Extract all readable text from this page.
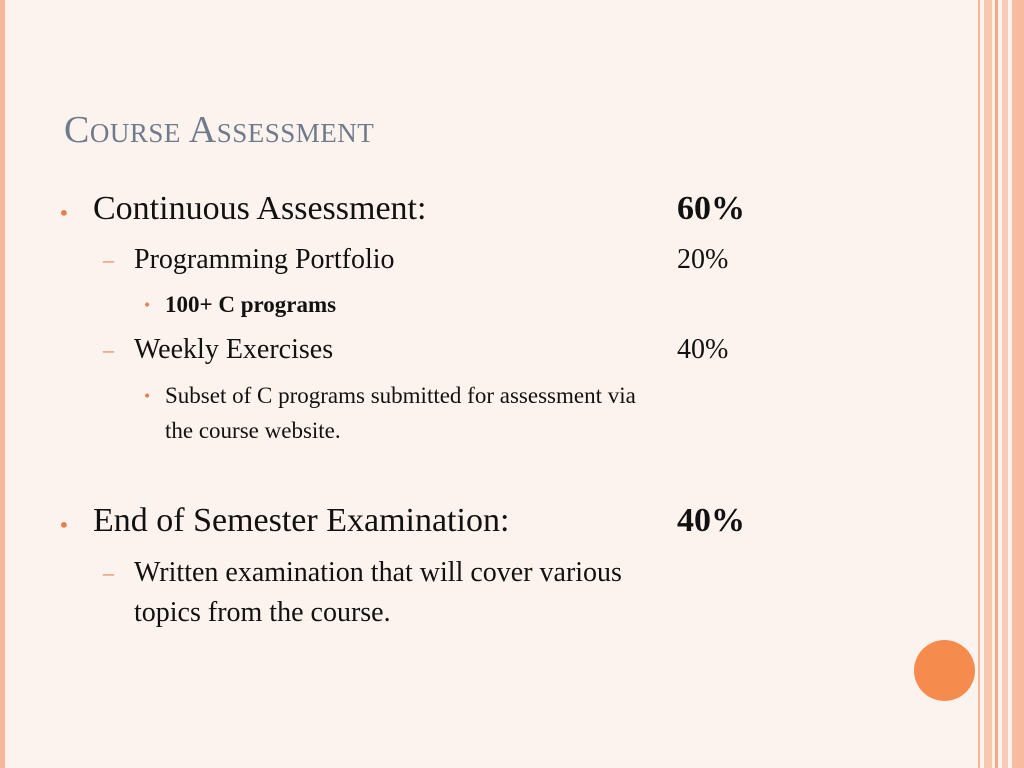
Course Assessment
• Continuous Assessment:	60%
– Programming Portfolio	20%
• 100+ C programs
– Weekly Exercises	40%
• Subset of C programs submitted for assessment via
the course website.
• End of Semester Examination:	40%
– Written examination that will cover various
topics from the course.
